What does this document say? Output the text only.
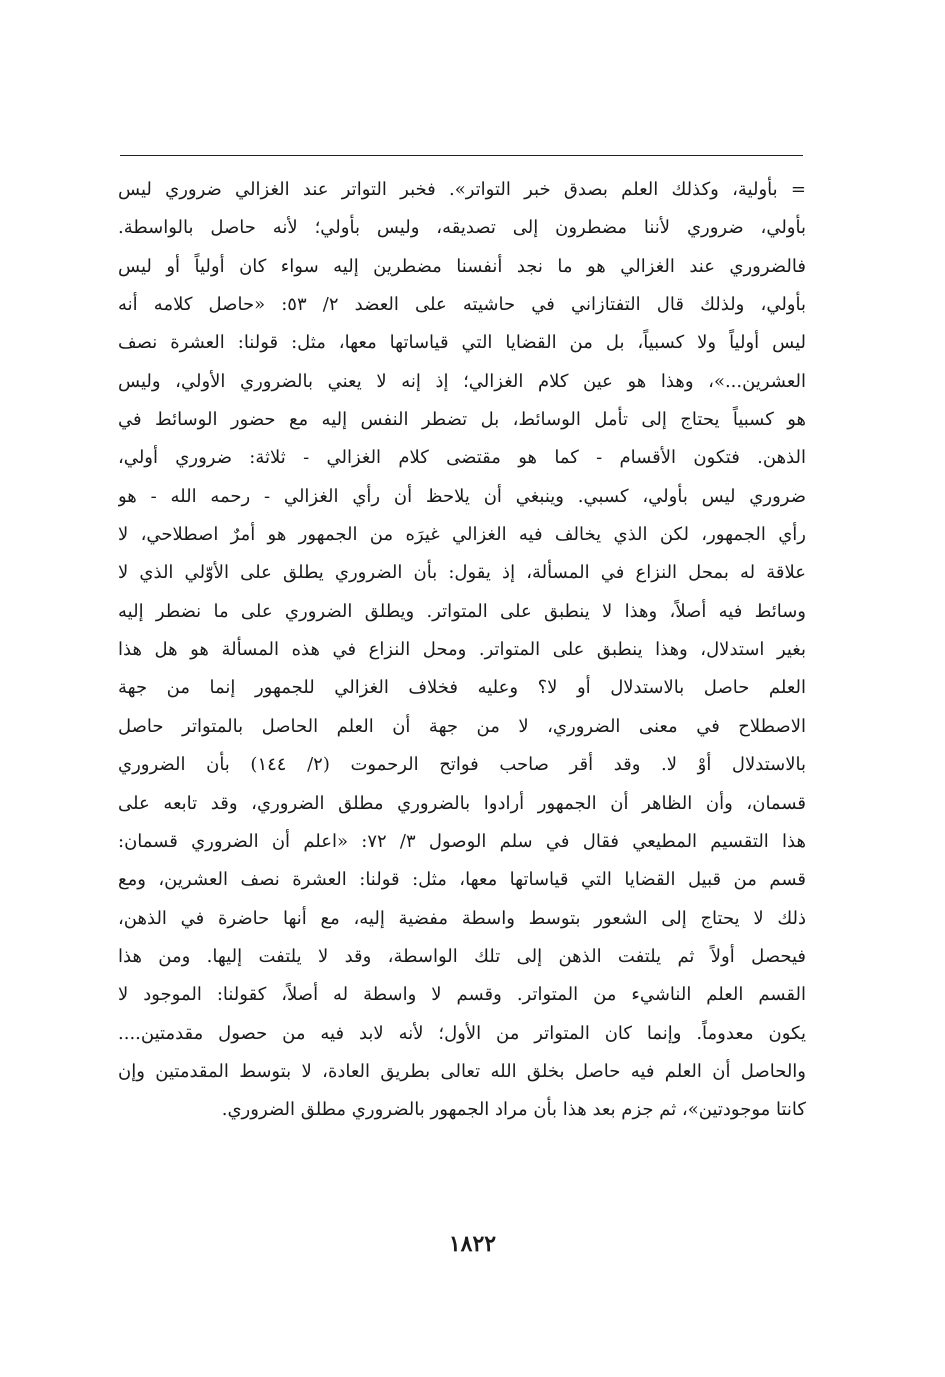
= بأولية، وكذلك العلم بصدق خبر التواتر». فخبر التواتر عند الغزالي ضروري ليس
بأولي، ضروري لأننا مضطرون إلى تصديقه، وليس بأولي؛ لأنه حاصل بالواسطة.
فالضروري عند الغزالي هو ما نجد أنفسنا مضطرين إليه سواء كان أولياً أو ليس
بأولي، ولذلك قال التفتازاني في حاشيته على العضد ٢/ ٥٣: «حاصل كلامه أنه
ليس أولياً ولا كسبياً، بل من القضايا التي قياساتها معها، مثل: قولنا: العشرة نصف
العشرين...»، وهذا هو عين كلام الغزالي؛ إذ إنه لا يعني بالضروري الأولي، وليس
هو كسبياً يحتاج إلى تأمل الوسائط، بل تضطر النفس إليه مع حضور الوسائط في
الذهن. فتكون الأقسام - كما هو مقتضى كلام الغزالي - ثلاثة: ضروري أولي،
ضروري ليس بأولي، كسبي. وينبغي أن يلاحظ أن رأي الغزالي - رحمه الله - هو
رأي الجمهور، لكن الذي يخالف فيه الغزالي غيرَه من الجمهور هو أمرٌ اصطلاحي، لا
علاقة له بمحل النزاع في المسألة، إذ يقول: بأن الضروري يطلق على الأوّلي الذي لا
وسائط فيه أصلاً، وهذا لا ينطبق على المتواتر. ويطلق الضروري على ما نضطر إليه
بغير استدلال، وهذا ينطبق على المتواتر. ومحل النزاع في هذه المسألة هو هل هذا
العلم حاصل بالاستدلال أو لا؟ وعليه فخلاف الغزالي للجمهور إنما من جهة
الاصطلاح في معنى الضروري، لا من جهة أن العلم الحاصل بالمتواتر حاصل
بالاستدلال أوْ لا. وقد أقر صاحب فواتح الرحموت (٢/ ١٤٤) بأن الضروري
قسمان، وأن الظاهر أن الجمهور أرادوا بالضروري مطلق الضروري، وقد تابعه على
هذا التقسيم المطيعي فقال في سلم الوصول ٣/ ٧٢: «اعلم أن الضروري قسمان:
قسم من قبيل القضايا التي قياساتها معها، مثل: قولنا: العشرة نصف العشرين، ومع
ذلك لا يحتاج إلى الشعور بتوسط واسطة مفضية إليه، مع أنها حاضرة في الذهن،
فيحصل أولاً ثم يلتفت الذهن إلى تلك الواسطة، وقد لا يلتفت إليها. ومن هذا
القسم العلم الناشيء من المتواتر. وقسم لا واسطة له أصلاً، كقولنا: الموجود لا
يكون معدوماً. وإنما كان المتواتر من الأول؛ لأنه لابد فيه من حصول مقدمتين....
والحاصل أن العلم فيه حاصل بخلق الله تعالى بطريق العادة، لا بتوسط المقدمتين وإن
كانتا موجودتين»، ثم جزم بعد هذا بأن مراد الجمهور بالضروري مطلق الضروري.
١٨٢٢
